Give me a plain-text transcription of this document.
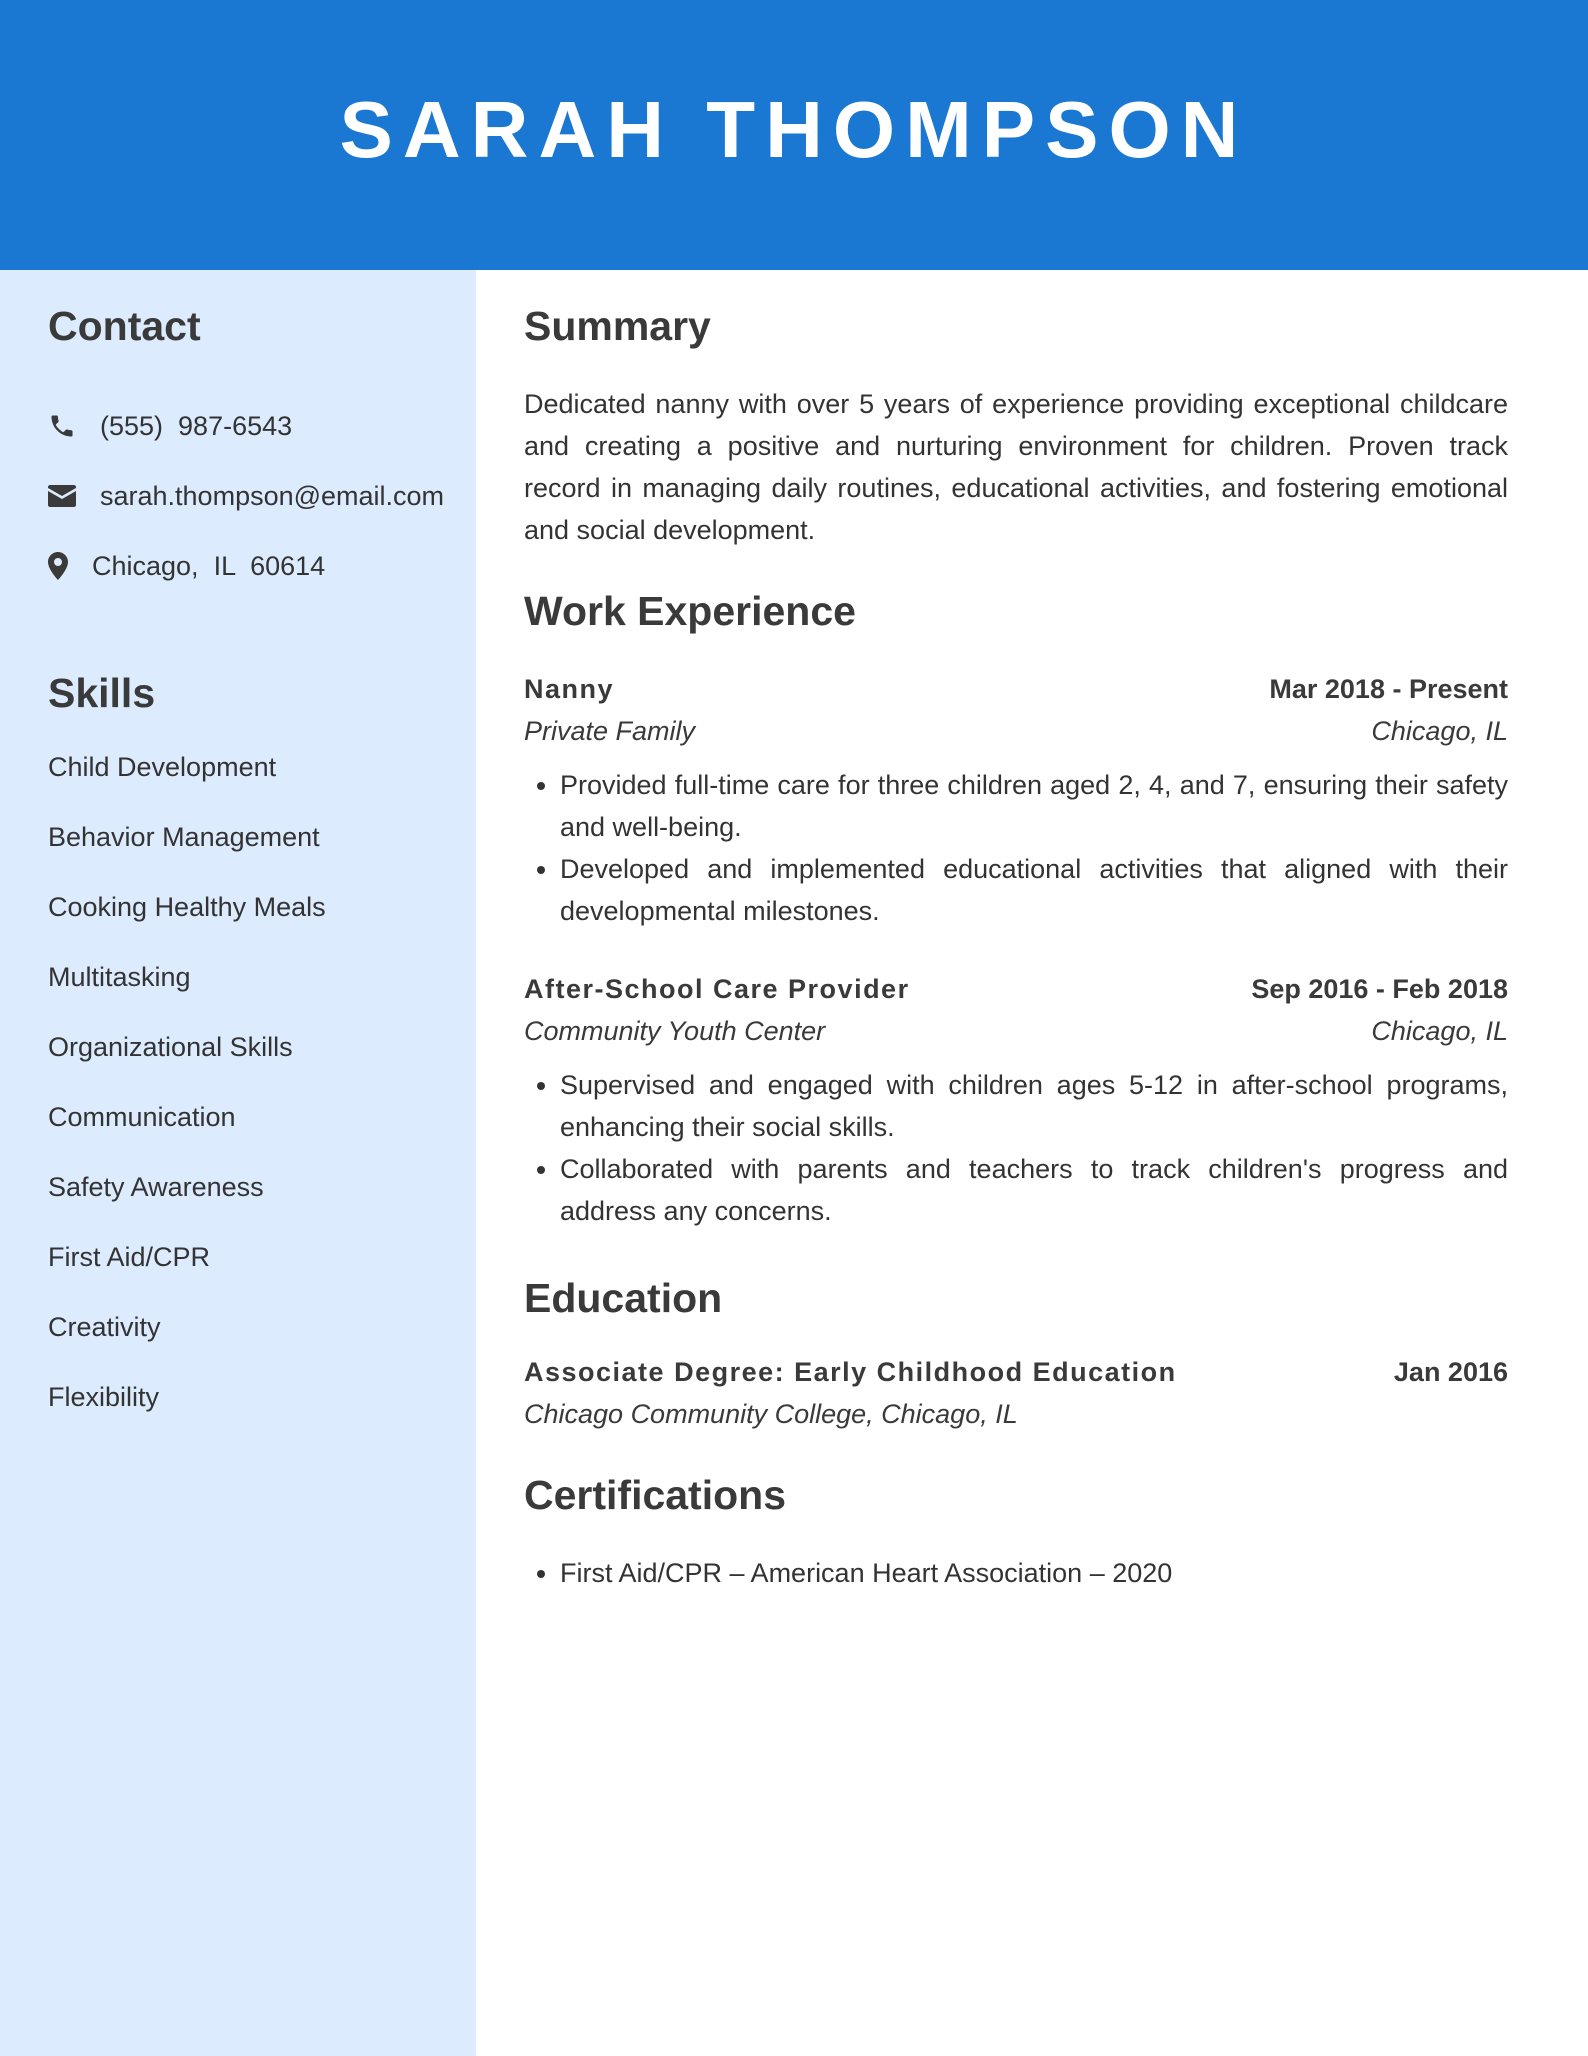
SARAH THOMPSON
Contact
(555)  987-6543
sarah.thompson@email.com
Chicago,  IL  60614
Skills
Child Development
Behavior Management
Cooking Healthy Meals
Multitasking
Organizational Skills
Communication
Safety Awareness
First Aid/CPR
Creativity
Flexibility
Summary

Dedicated nanny with over 5 years of experience providing exceptional childcare and creating a positive and nurturing environment for children. Proven track record in managing daily routines, educational activities, and fostering emotional and social development.

Work Experience
Nanny	Mar 2018 - Present
Private Family	Chicago, IL
• Provided full-time care for three children aged 2, 4, and 7, ensuring their safety and well-being.
• Developed and implemented educational activities that aligned with their developmental milestones.
After-School Care Provider	Sep 2016 - Feb 2018
Community Youth Center	Chicago, IL
• Supervised and engaged with children ages 5-12 in after-school programs, enhancing their social skills.
• Collaborated with parents and teachers to track children's progress and address any concerns.
Education
Associate Degree: Early Childhood Education	Jan 2016
Chicago Community College, Chicago, IL
Certifications
• First Aid/CPR – American Heart Association – 2020
